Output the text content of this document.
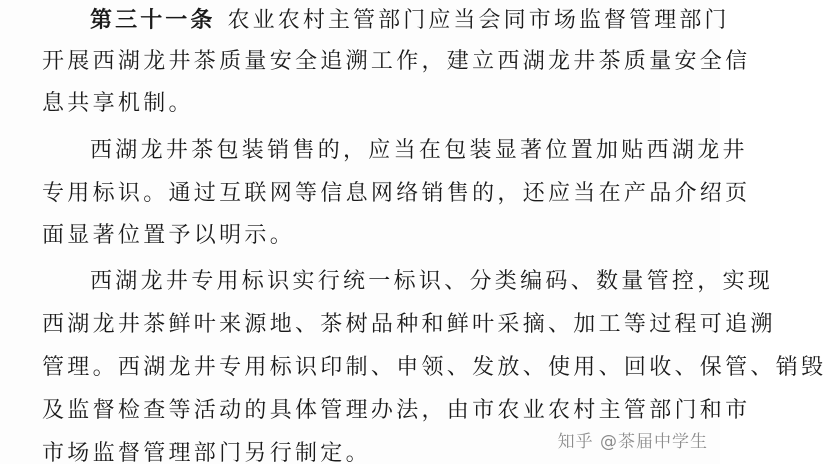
第三十一条 农业农村主管部门应当会同市场监督管理部门
开展西湖龙井茶质量安全追溯工作，建立西湖龙井茶质量安全信
息共享机制。
西湖龙井茶包装销售的，应当在包装显著位置加贴西湖龙井
专用标识。通过互联网等信息网络销售的，还应当在产品介绍页
面显著位置予以明示。
西湖龙井专用标识实行统一标识、分类编码、数量管控，实现
西湖龙井茶鲜叶来源地、茶树品种和鲜叶采摘、加工等过程可追溯
管理。西湖龙井专用标识印制、申领、发放、使用、回收、保管、销毁
及监督检查等活动的具体管理办法，由市农业农村主管部门和市
市场监督管理部门另行制定。	知乎 @茶届中学生
